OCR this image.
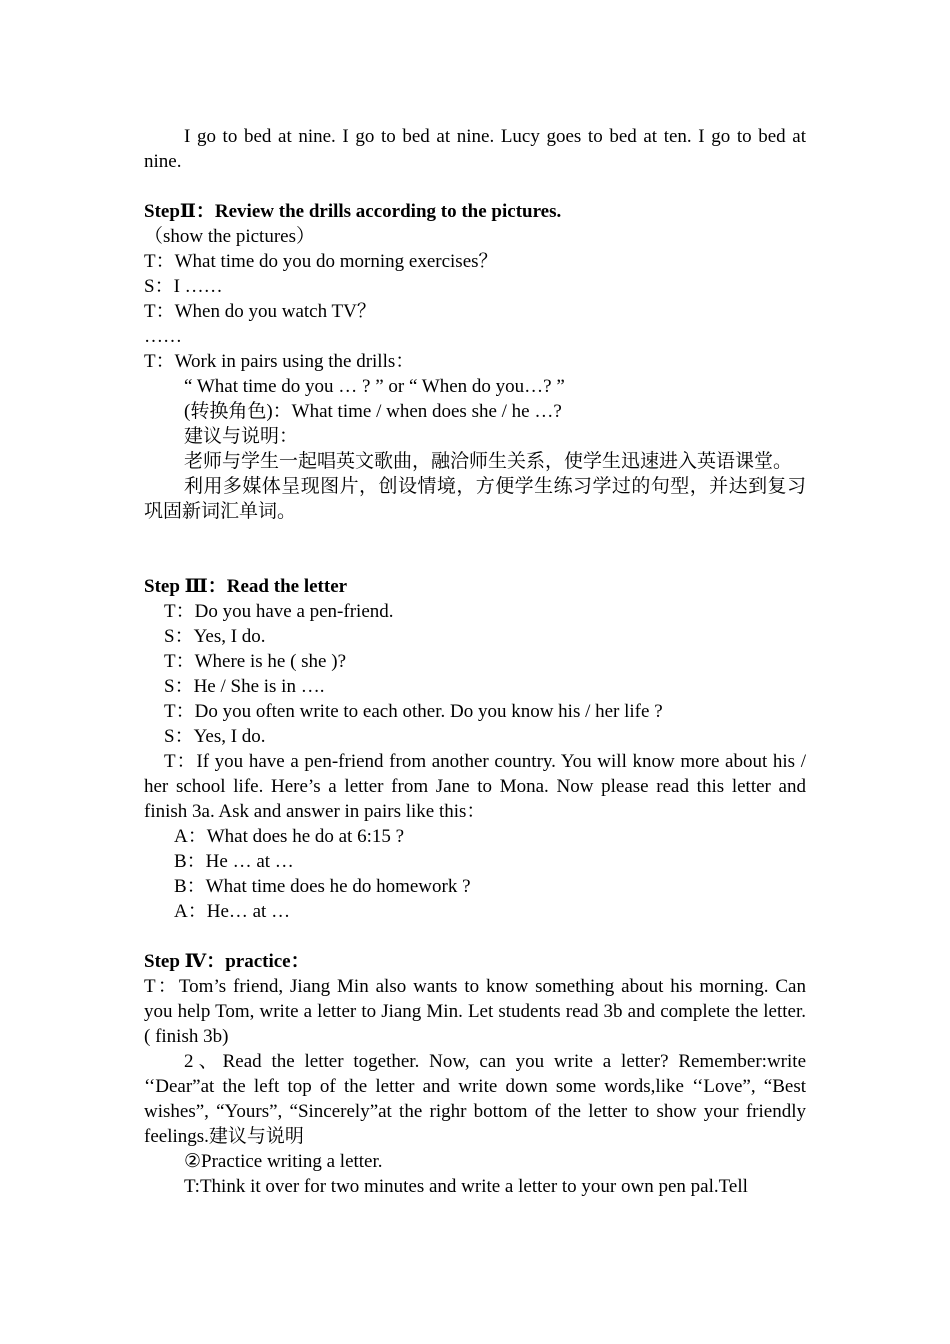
I go to bed at nine. I go to bed at nine. Lucy goes to bed at ten. I go to bed at nine.

StepⅡ：Review the drills according to the pictures.

（show the pictures）

T：What time do you do morning exercises？

S：I ……

T：When do you watch TV？

……

T：Work in pairs using the drills：

“ What time do you … ? ” or “ When do you…? ”

(转换角色)：What time / when does she / he …?

建议与说明：

老师与学生一起唱英文歌曲，融洽师生关系，使学生迅速进入英语课堂。

利用多媒体呈现图片，创设情境，方便学生练习学过的句型，并达到复习巩固新词汇单词。

Step Ⅲ：Read the letter

T：Do you have a pen-friend.

S：Yes, I do.

T：Where is he ( she )?

S：He / She is in ….

T：Do you often write to each other. Do you know his / her life ?

S：Yes, I do.

T：If you have a pen-friend from another country. You will know more about his / her school life. Here’s a letter from Jane to Mona. Now please read this letter and finish 3a. Ask and answer in pairs like this：

A：What does he do at 6:15 ?

B：He … at …

B：What time does he do homework ?

A：He… at …

Step Ⅳ：practice：

T：Tom’s friend, Jiang Min also wants to know something about his morning. Can you help Tom, write a letter to Jiang Min. Let students read 3b and complete the letter. ( finish 3b)

2、Read the letter together. Now, can you write a letter? Remember:write ‘‘Dear”at the left top of the letter and write down some words,like ‘‘Love”, “Best wishes”, “Yours”, “Sincerely”at the righr bottom of the letter to show your friendly feelings.建议与说明

②Practice writing a letter.

T:Think it over for two minutes and write a letter to your own pen pal.Tell
